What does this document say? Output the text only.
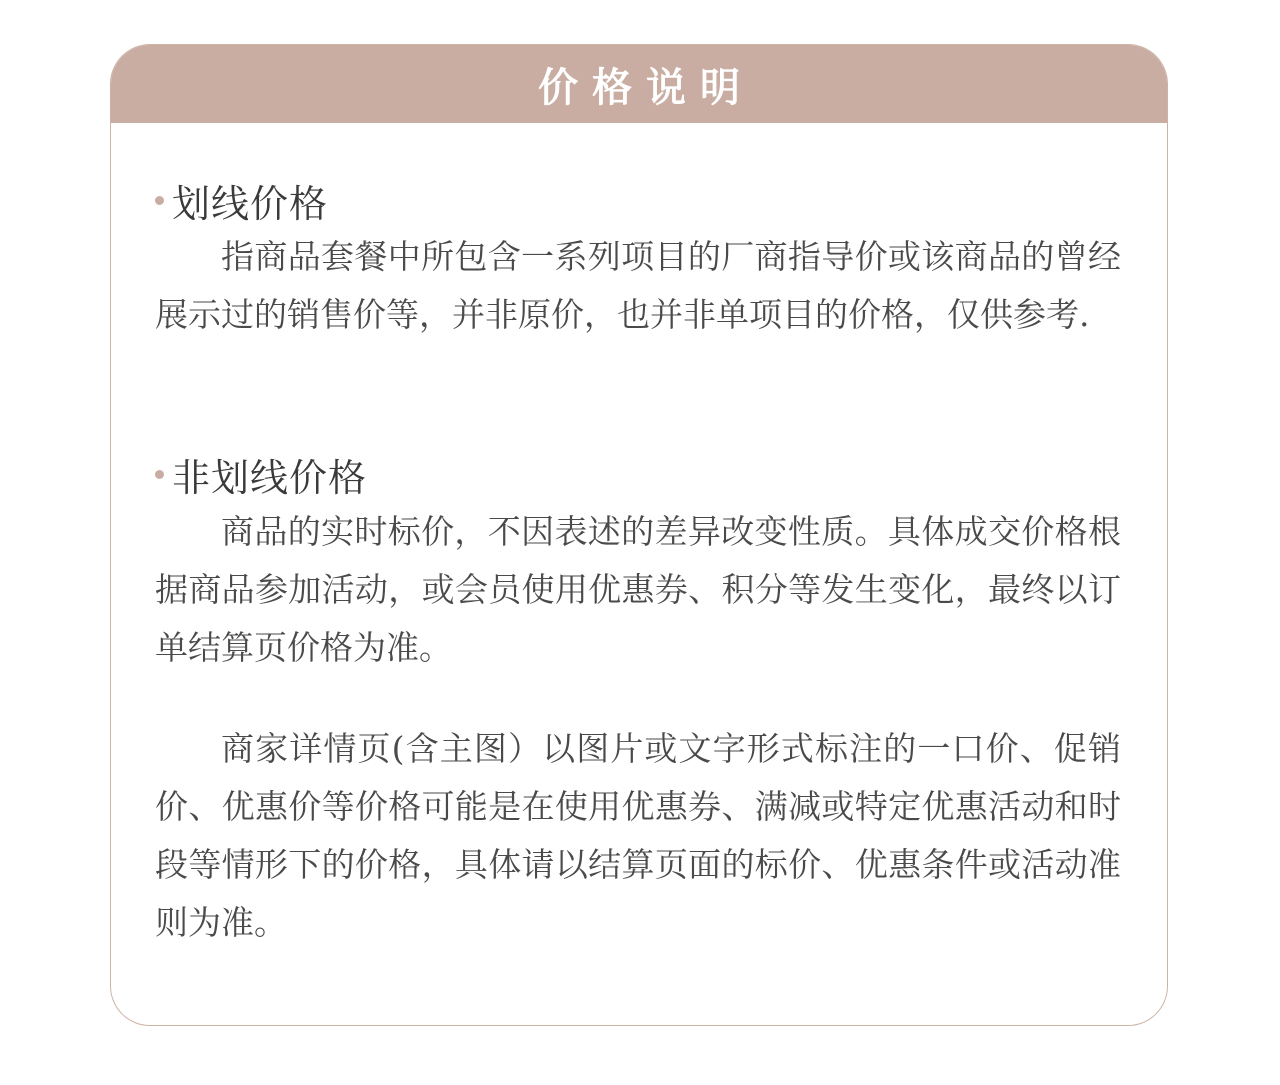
价格说明
划线价格

指商品套餐中所包含一系列项目的厂商指导价或该商品的曾经展示过的销售价等，并非原价，也并非单项目的价格，仅供参考.

非划线价格

商品的实时标价，不因表述的差异改变性质。具体成交价格根据商品参加活动，或会员使用优惠券、积分等发生变化，最终以订单结算页价格为准。

商家详情页(含主图）以图片或文字形式标注的一口价、促销价、优惠价等价格可能是在使用优惠券、满减或特定优惠活动和时段等情形下的价格，具体请以结算页面的标价、优惠条件或活动准则为准。
